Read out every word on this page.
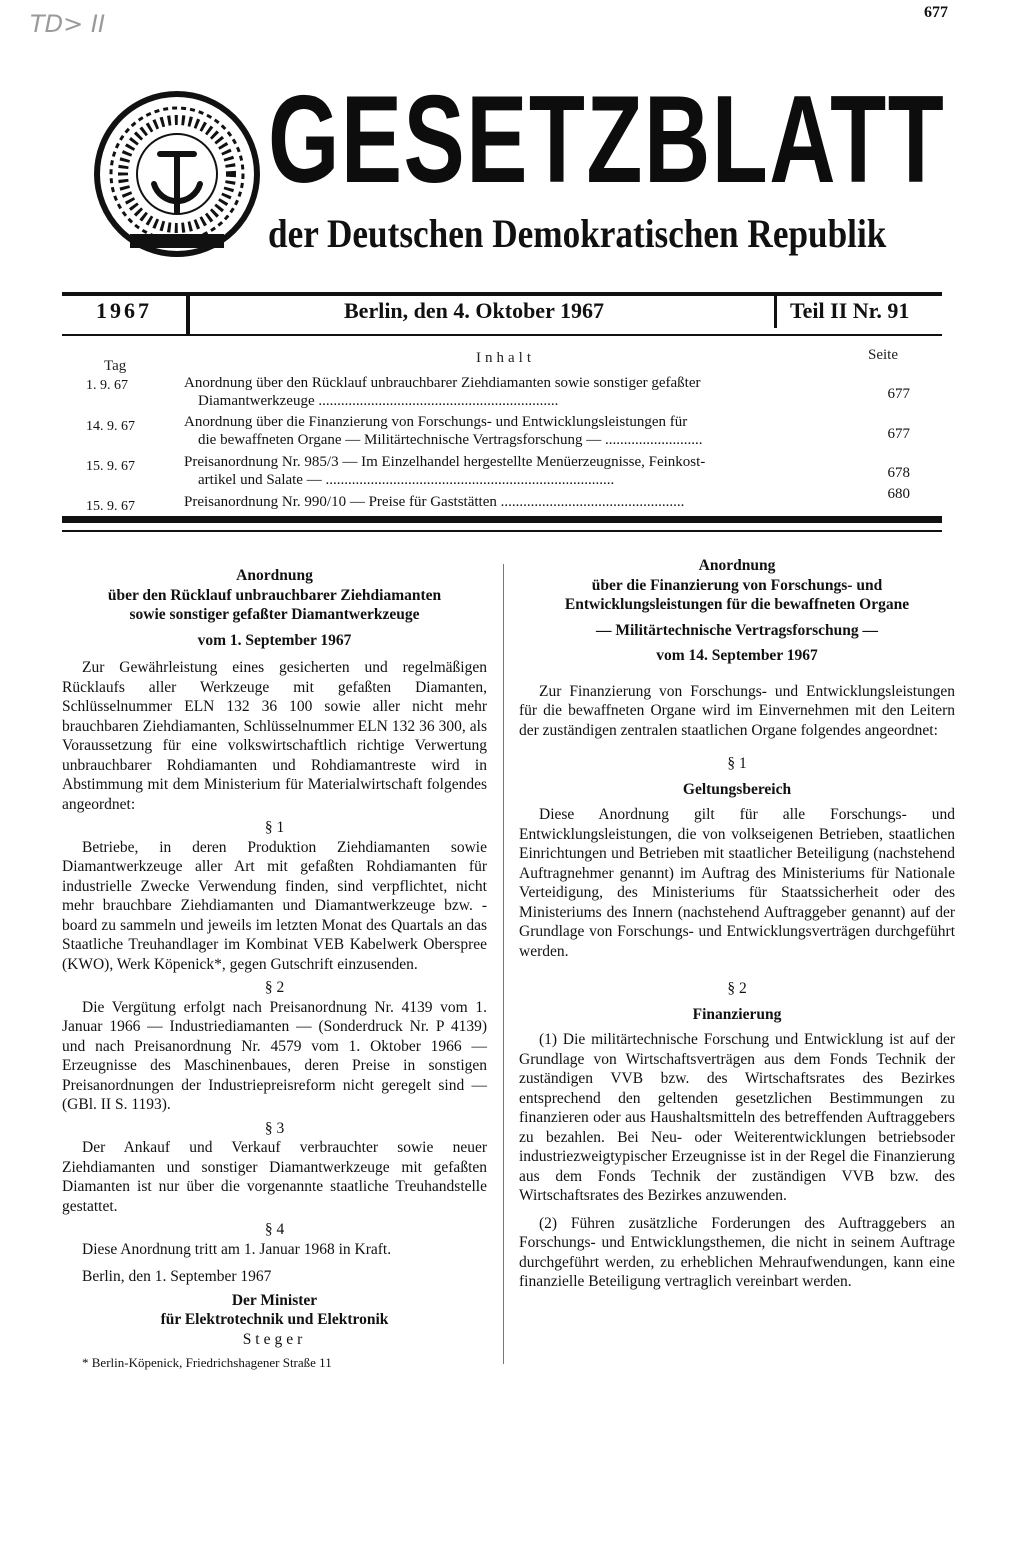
TD> II	677
GESETZBLATT
der Deutschen Demokratischen Republik
1967	Berlin, den 4. Oktober 1967	Teil II Nr. 91
Tag	Inhalt	Seite
1. 9. 67	Anordnung über den Rücklauf unbrauchbarer Ziehdiamanten sowie sonstiger gefaßter
Diamantwerkzeuge ................................................................	677
14. 9. 67	Anordnung über die Finanzierung von Forschungs- und Entwicklungsleistungen für
die bewaffneten Organe — Militärtechnische Vertragsforschung — ..........................	677
15. 9. 67	Preisanordnung Nr. 985/3 — Im Einzelhandel hergestellte Menüerzeugnisse, Feinkost-
artikel und Salate — .............................................................................	678
15. 9. 67	Preisanordnung Nr. 990/10 — Preise für Gaststätten .................................................	680
Anordnung
über den Rücklauf unbrauchbarer Ziehdiamanten
sowie sonstiger gefaßter Diamantwerkzeuge
vom 1. September 1967

Zur Gewährleistung eines gesicherten und regelmäßigen Rücklaufs aller Werkzeuge mit gefaßten Diamanten, Schlüsselnummer ELN 132 36 100 sowie aller nicht mehr brauchbaren Ziehdiamanten, Schlüsselnummer ELN 132 36 300, als Voraussetzung für eine volkswirtschaftlich richtige Verwertung unbrauchbarer Rohdiamanten und Rohdiamantreste wird in Abstimmung mit dem Ministerium für Materialwirtschaft folgendes angeordnet:

§ 1

Betriebe, in deren Produktion Ziehdiamanten sowie Diamantwerkzeuge aller Art mit gefaßten Rohdiamanten für industrielle Zwecke Verwendung finden, sind verpflichtet, nicht mehr brauchbare Ziehdiamanten und Diamantwerkzeuge bzw. -board zu sammeln und jeweils im letzten Monat des Quartals an das Staatliche Treuhandlager im Kombinat VEB Kabelwerk Oberspree (KWO), Werk Köpenick*, gegen Gutschrift einzusenden.

§ 2

Die Vergütung erfolgt nach Preisanordnung Nr. 4139 vom 1. Januar 1966 — Industriediamanten — (Sonderdruck Nr. P 4139) und nach Preisanordnung Nr. 4579 vom 1. Oktober 1966 — Erzeugnisse des Maschinenbaues, deren Preise in sonstigen Preisanordnungen der Industriepreisreform nicht geregelt sind — (GBl. II S. 1193).

§ 3

Der Ankauf und Verkauf verbrauchter sowie neuer Ziehdiamanten und sonstiger Diamantwerkzeuge mit gefaßten Diamanten ist nur über die vorgenannte staatliche Treuhandstelle gestattet.

§ 4

Diese Anordnung tritt am 1. Januar 1968 in Kraft.

Berlin, den 1. September 1967

Der Minister
für Elektrotechnik und Elektronik
Steger
* Berlin-Köpenick, Friedrichshagener Straße 11
Anordnung
über die Finanzierung von Forschungs- und
Entwicklungsleistungen für die bewaffneten Organe
— Militärtechnische Vertragsforschung —
vom 14. September 1967

Zur Finanzierung von Forschungs- und Entwicklungsleistungen für die bewaffneten Organe wird im Einvernehmen mit den Leitern der zuständigen zentralen staatlichen Organe folgendes angeordnet:

§ 1
Geltungsbereich

Diese Anordnung gilt für alle Forschungs- und Entwicklungsleistungen, die von volkseigenen Betrieben, staatlichen Einrichtungen und Betrieben mit staatlicher Beteiligung (nachstehend Auftragnehmer genannt) im Auftrag des Ministeriums für Nationale Verteidigung, des Ministeriums für Staatssicherheit oder des Ministeriums des Innern (nachstehend Auftraggeber genannt) auf der Grundlage von Forschungs- und Entwicklungsverträgen durchgeführt werden.

§ 2
Finanzierung

(1) Die militärtechnische Forschung und Entwicklung ist auf der Grundlage von Wirtschaftsverträgen aus dem Fonds Technik der zuständigen VVB bzw. des Wirtschaftsrates des Bezirkes entsprechend den geltenden gesetzlichen Bestimmungen zu finanzieren oder aus Haushaltsmitteln des betreffenden Auftraggebers zu bezahlen. Bei Neu- oder Weiterentwicklungen betriebsoder industriezweigtypischer Erzeugnisse ist in der Regel die Finanzierung aus dem Fonds Technik der zuständigen VVB bzw. des Wirtschaftsrates des Bezirkes anzuwenden.

(2) Führen zusätzliche Forderungen des Auftraggebers an Forschungs- und Entwicklungsthemen, die nicht in seinem Auftrage durchgeführt werden, zu erheblichen Mehraufwendungen, kann eine finanzielle Beteiligung vertraglich vereinbart werden.
